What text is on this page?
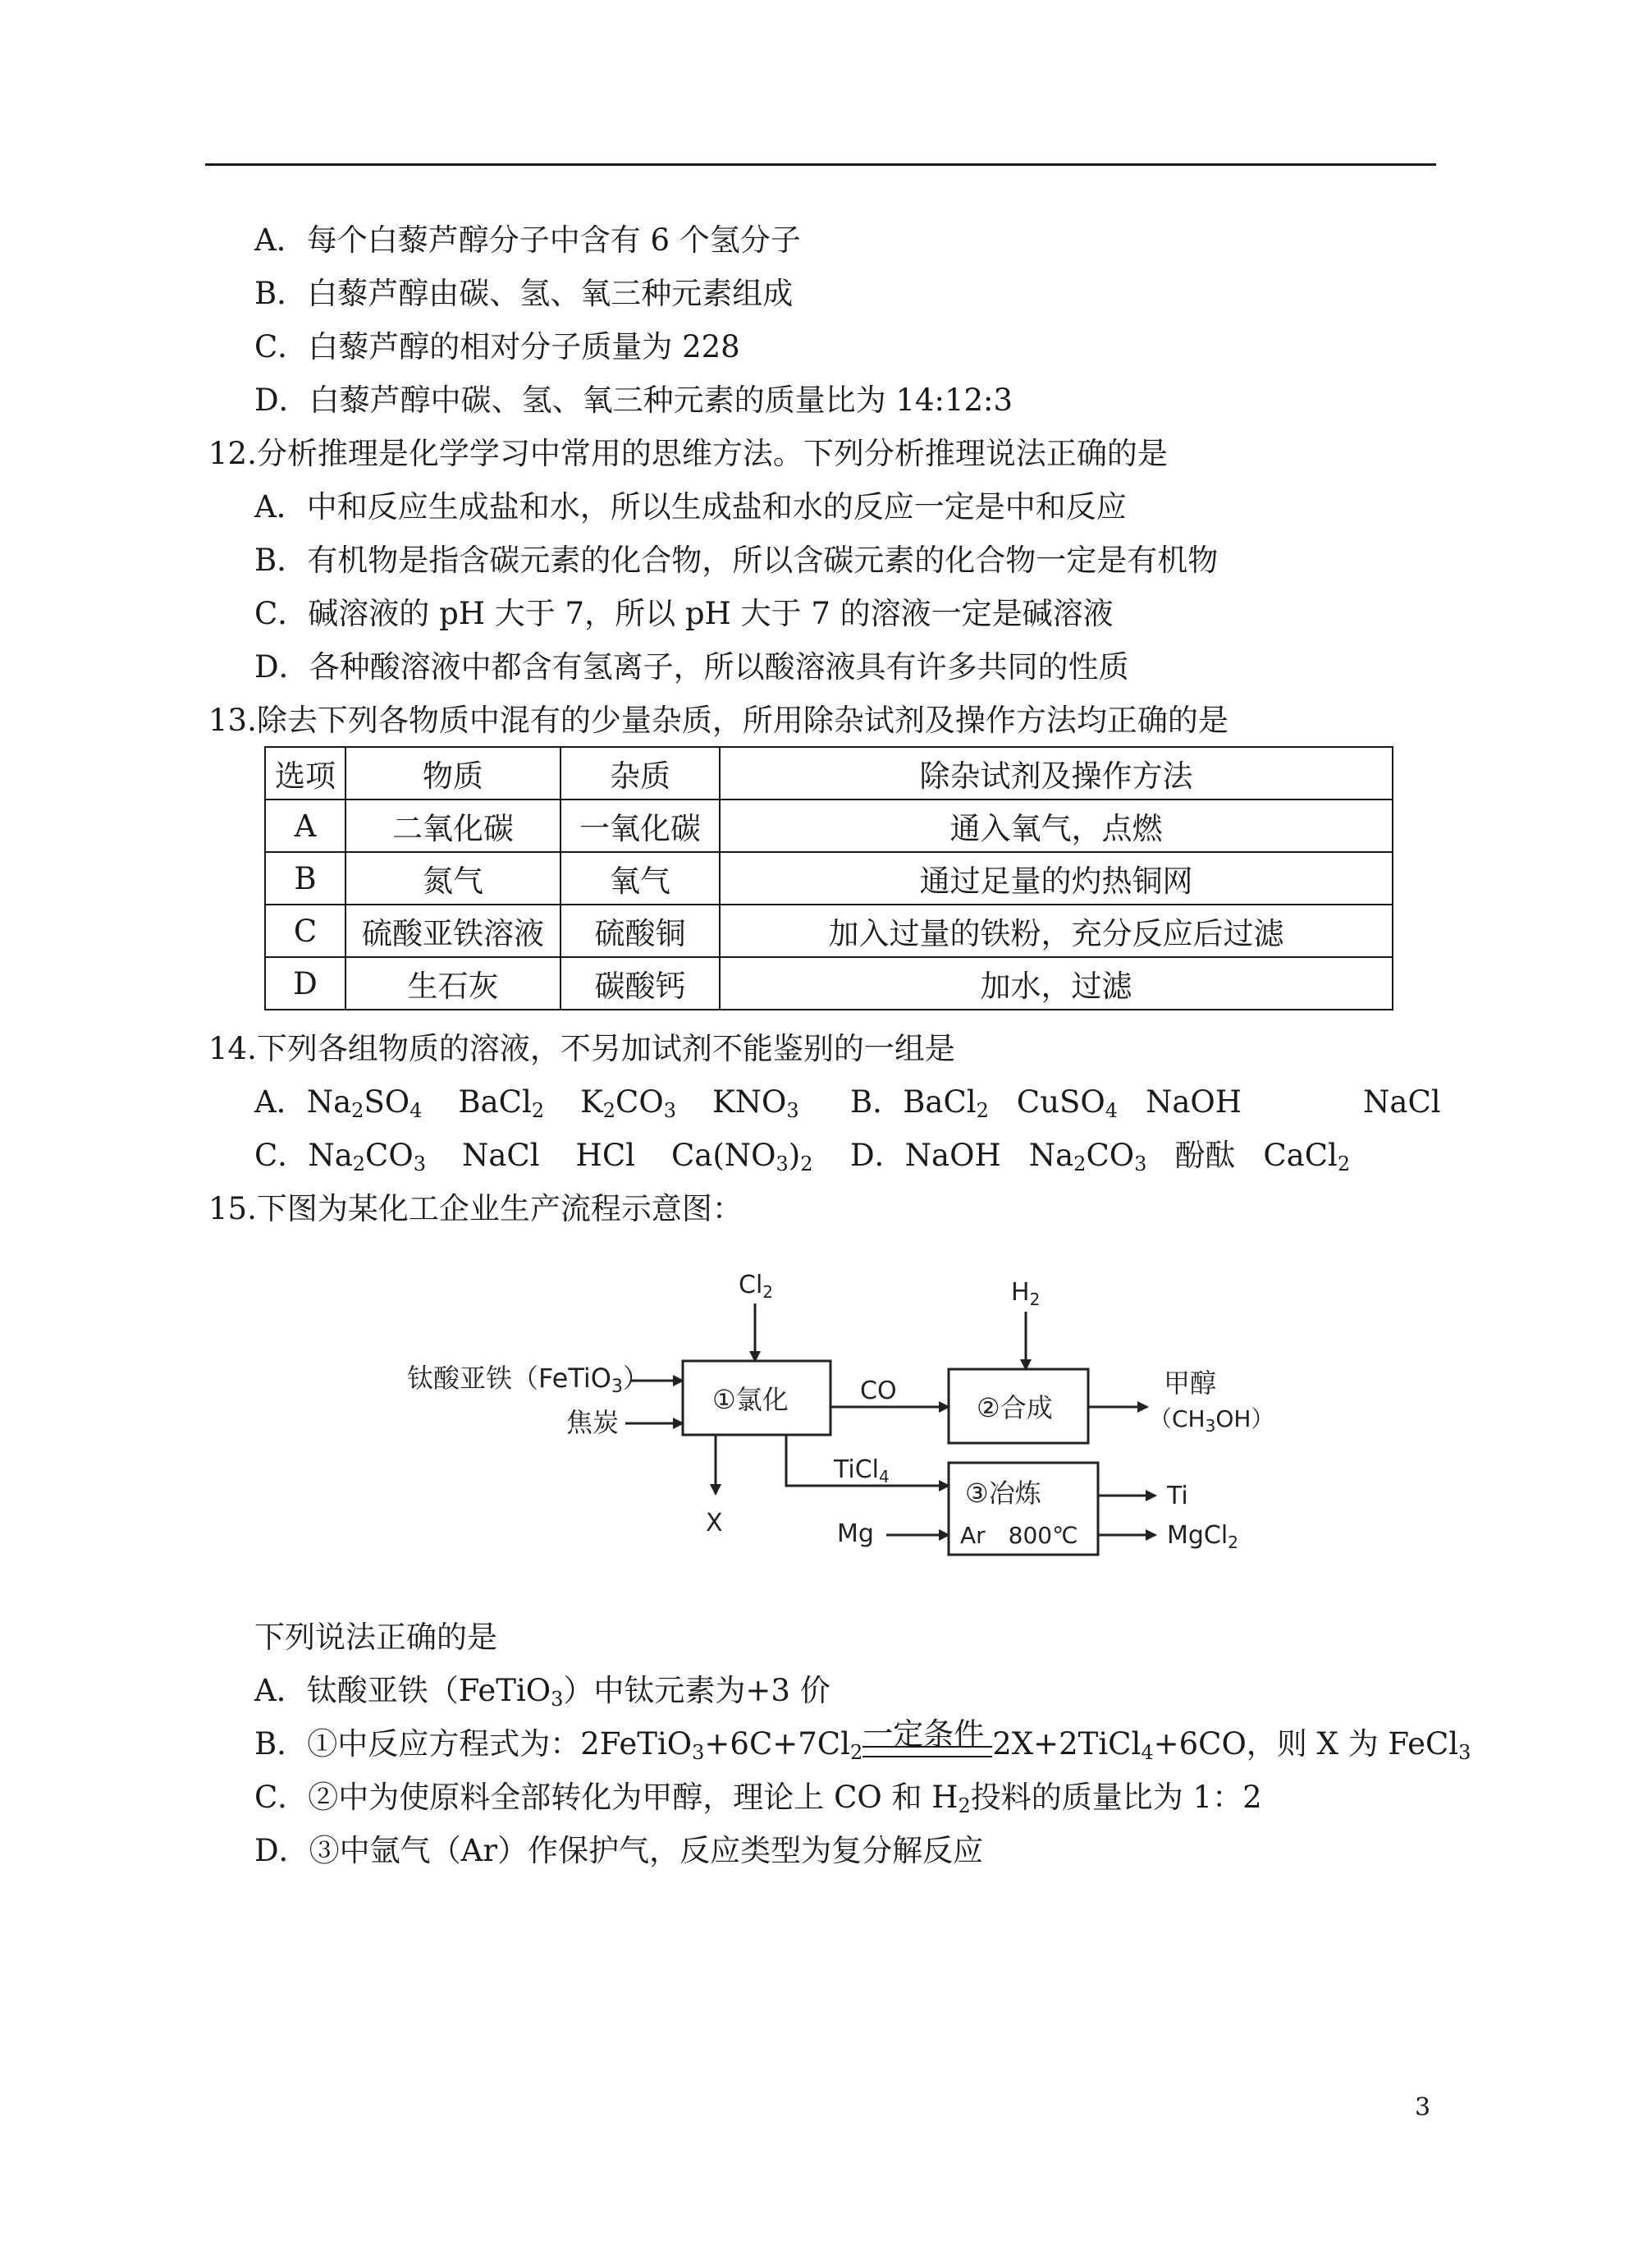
A．每个白藜芦醇分子中含有 6 个氢分子
B．白藜芦醇由碳、氢、氧三种元素组成
C．白藜芦醇的相对分子质量为 228
D．白藜芦醇中碳、氢、氧三种元素的质量比为 14:12:3
12.分析推理是化学学习中常用的思维方法。下列分析推理说法正确的是
A．中和反应生成盐和水，所以生成盐和水的反应一定是中和反应
B．有机物是指含碳元素的化合物，所以含碳元素的化合物一定是有机物
C．碱溶液的 pH 大于 7，所以 pH 大于 7 的溶液一定是碱溶液
D．各种酸溶液中都含有氢离子，所以酸溶液具有许多共同的性质
13.除去下列各物质中混有的少量杂质，所用除杂试剂及操作方法均正确的是
选项	物质	杂质	除杂试剂及操作方法
A	二氧化碳	一氧化碳	通入氧气，点燃
B	氮气	氧气	通过足量的灼热铜网
C	硫酸亚铁溶液	硫酸铜	加入过量的铁粉，充分反应后过滤
D	生石灰	碳酸钙	加水，过滤
14.下列各组物质的溶液，不另加试剂不能鉴别的一组是
A．$Na_2SO_4$ BaCl$_2$ $K_2CO_3$ $KNO_3$ B．BaCl$_2$ CuSO$_4$ NaOH	NaCl
C．$Na_2CO_3$ NaCl HCl $Ca(NO_3)_2$ D．NaOH $Na_2CO_3$ 酚酞 CaCl$_2$
15.下图为某化工企业生产流程示意图：
$Cl_2$
钛酸亚铁（FeTiO3）
焦炭
①氯化	CO
$H_2$
②合成
甲醇
$(CH_3OH)$
X
TiCl$_4$
Mg
③冶炼
Ar　800℃
Ti
MgCl$_2$
下列说法正确的是
A．钛酸亚铁（FeTiO$_3$）中钛元素为+3 价
B．①中反应方程式为：$2FeTiO_3+6C+7Cl_2$
一定条件 2X+2TiCl$_4$+6CO，则 X 为 FeCl$_3$
C．②中为使原料全部转化为甲醇，理论上 CO 和 $H_2$投料的质量比为 1：2
D．③中氩气（Ar）作保护气，反应类型为复分解反应
3
